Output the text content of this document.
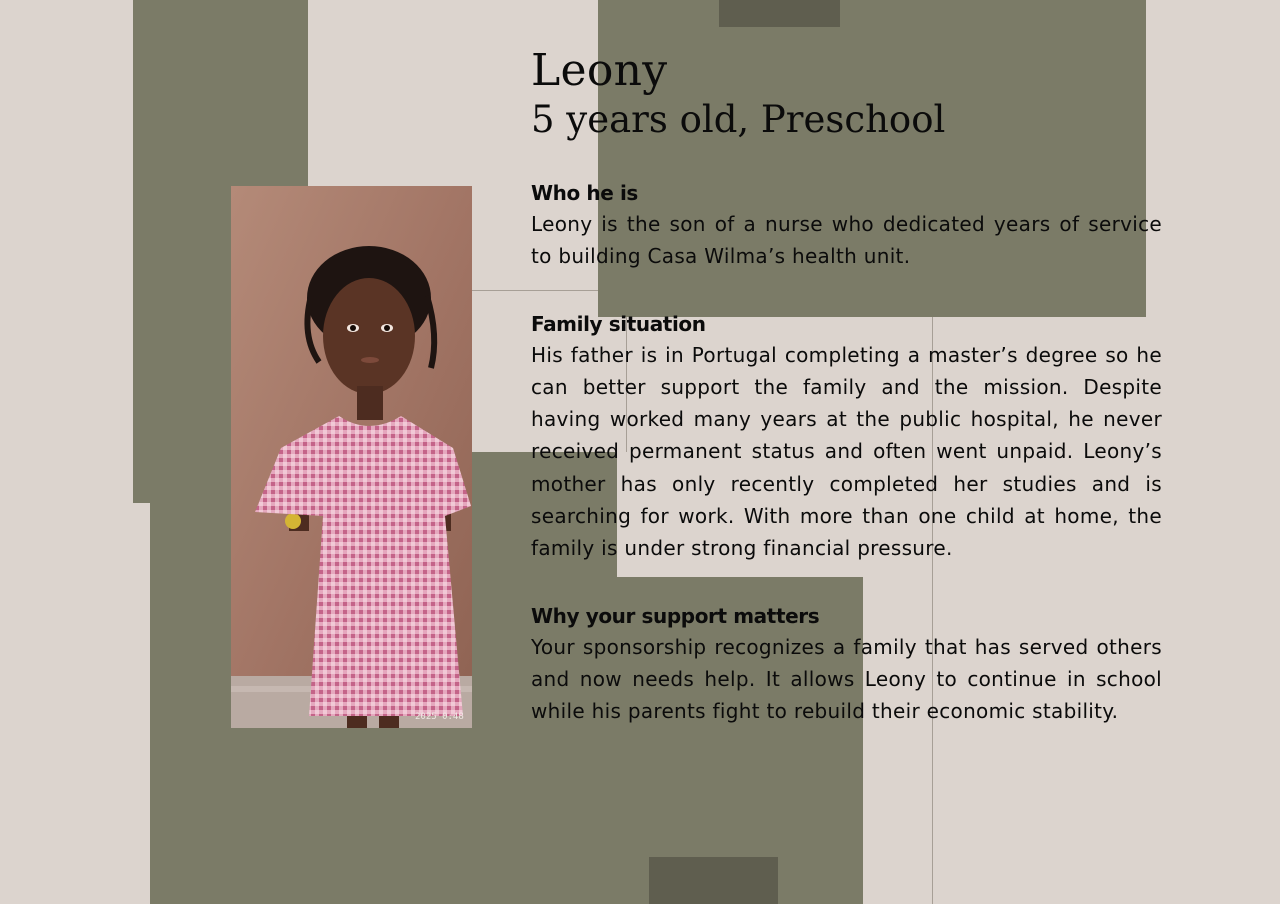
2025 0:48
Leony
5 years old, Preschool
Who he is
Leony is the son of a nurse who dedicated years of service to building Casa Wilma’s health unit.
Family situation
His father is in Portugal completing a master’s degree so he can better support the family and the mission. Despite having worked many years at the public hospital, he never received permanent status and often went unpaid. Leony’s mother has only recently completed her studies and is searching for work. With more than one child at home, the family is under strong financial pressure.
Why your support matters
Your sponsorship recognizes a family that has served others and now needs help. It allows Leony to continue in school while his parents fight to rebuild their economic stability.
